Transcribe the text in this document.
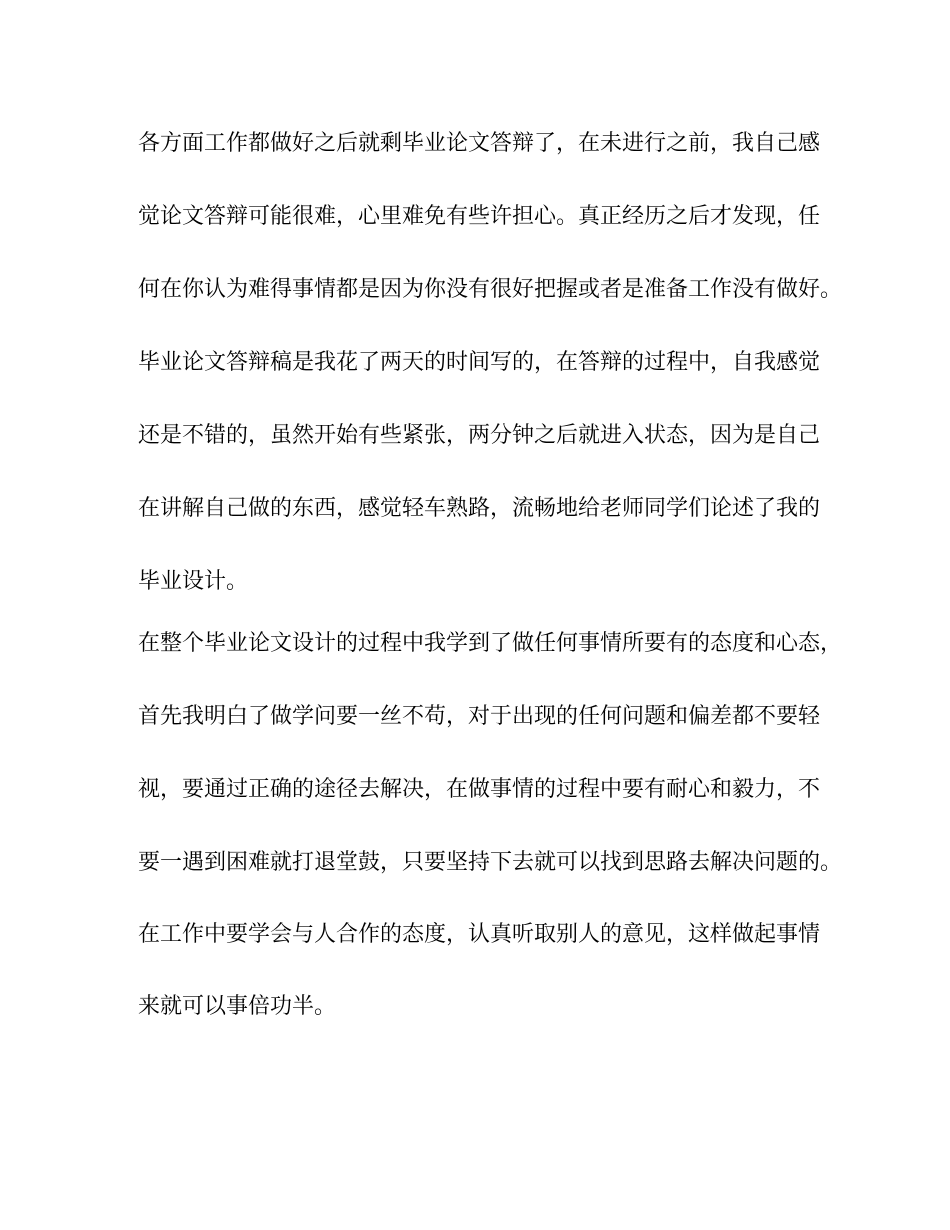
各方面工作都做好之后就剩毕业论文答辩了，在未进行之前，我自己感

觉论文答辩可能很难，心里难免有些许担心。真正经历之后才发现，任

何在你认为难得事情都是因为你没有很好把握或者是准备工作没有做好。

毕业论文答辩稿是我花了两天的时间写的，在答辩的过程中，自我感觉

还是不错的，虽然开始有些紧张，两分钟之后就进入状态，因为是自己

在讲解自己做的东西，感觉轻车熟路，流畅地给老师同学们论述了我的

毕业设计。

在整个毕业论文设计的过程中我学到了做任何事情所要有的态度和心态，

首先我明白了做学问要一丝不苟，对于出现的任何问题和偏差都不要轻

视，要通过正确的途径去解决，在做事情的过程中要有耐心和毅力，不

要一遇到困难就打退堂鼓，只要坚持下去就可以找到思路去解决问题的。

在工作中要学会与人合作的态度，认真听取别人的意见，这样做起事情

来就可以事倍功半。
